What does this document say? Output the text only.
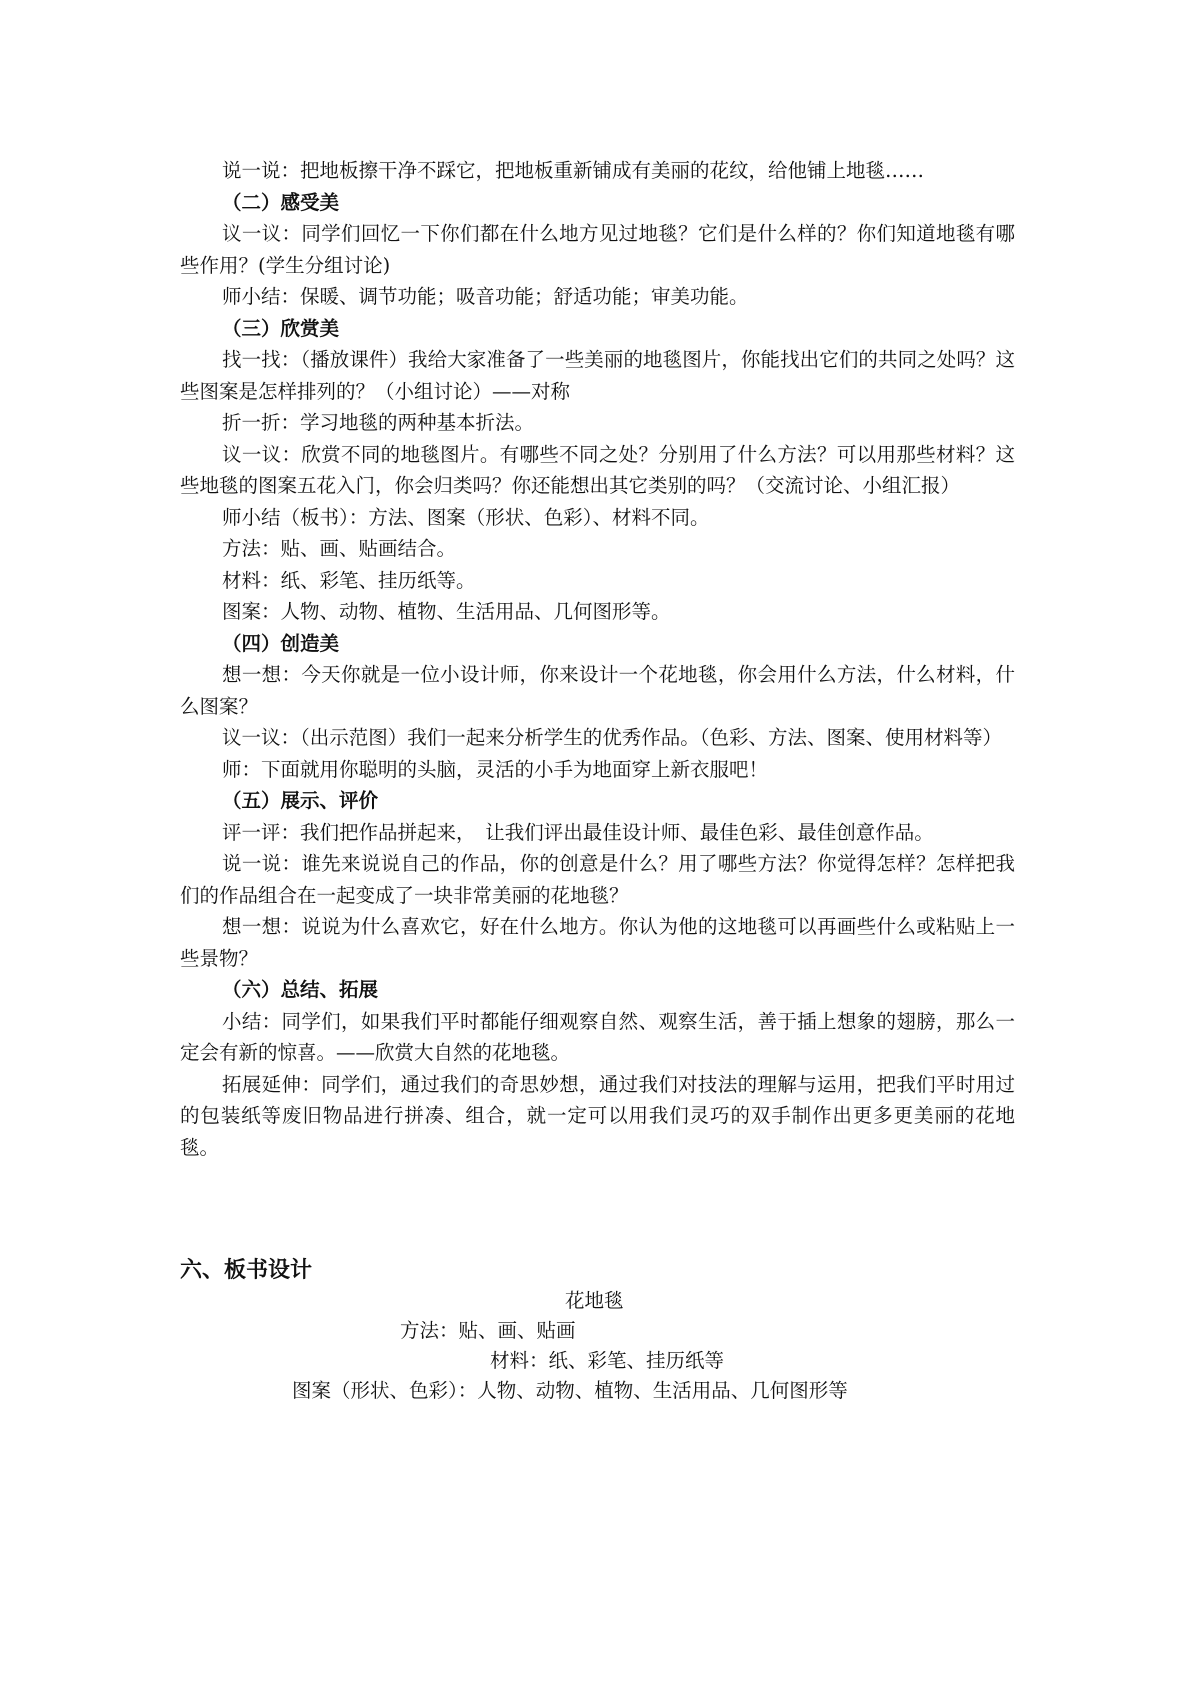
说一说：把地板擦干净不踩它，把地板重新铺成有美丽的花纹，给他铺上地毯……

（二）感受美

议一议：同学们回忆一下你们都在什么地方见过地毯？它们是什么样的？你们知道地毯有哪些作用？(学生分组讨论)

师小结：保暖、调节功能；吸音功能；舒适功能；审美功能。

（三）欣赏美

找一找：（播放课件）我给大家准备了一些美丽的地毯图片，你能找出它们的共同之处吗？这些图案是怎样排列的？（小组讨论）——对称

折一折：学习地毯的两种基本折法。

议一议：欣赏不同的地毯图片。有哪些不同之处？分别用了什么方法？可以用那些材料？这些地毯的图案五花入门，你会归类吗？你还能想出其它类别的吗？（交流讨论、小组汇报）

师小结（板书）：方法、图案（形状、色彩）、材料不同。

方法：贴、画、贴画结合。

材料：纸、彩笔、挂历纸等。

图案：人物、动物、植物、生活用品、几何图形等。

（四）创造美

想一想：今天你就是一位小设计师，你来设计一个花地毯，你会用什么方法，什么材料，什么图案？

议一议：（出示范图）我们一起来分析学生的优秀作品。（色彩、方法、图案、使用材料等）

师：下面就用你聪明的头脑，灵活的小手为地面穿上新衣服吧！

（五）展示、评价

评一评：我们把作品拼起来，　让我们评出最佳设计师、最佳色彩、最佳创意作品。

说一说：谁先来说说自己的作品，你的创意是什么？用了哪些方法？你觉得怎样？怎样把我们的作品组合在一起变成了一块非常美丽的花地毯？

想一想：说说为什么喜欢它，好在什么地方。你认为他的这地毯可以再画些什么或粘贴上一些景物？

（六）总结、拓展

小结：同学们，如果我们平时都能仔细观察自然、观察生活，善于插上想象的翅膀，那么一定会有新的惊喜。——欣赏大自然的花地毯。

拓展延伸：同学们，通过我们的奇思妙想，通过我们对技法的理解与运用，把我们平时用过的包装纸等废旧物品进行拼凑、组合，就一定可以用我们灵巧的双手制作出更多更美丽的花地毯。

六、板书设计

花地毯

方法：贴、画、贴画

材料：纸、彩笔、挂历纸等

图案（形状、色彩）：人物、动物、植物、生活用品、几何图形等
